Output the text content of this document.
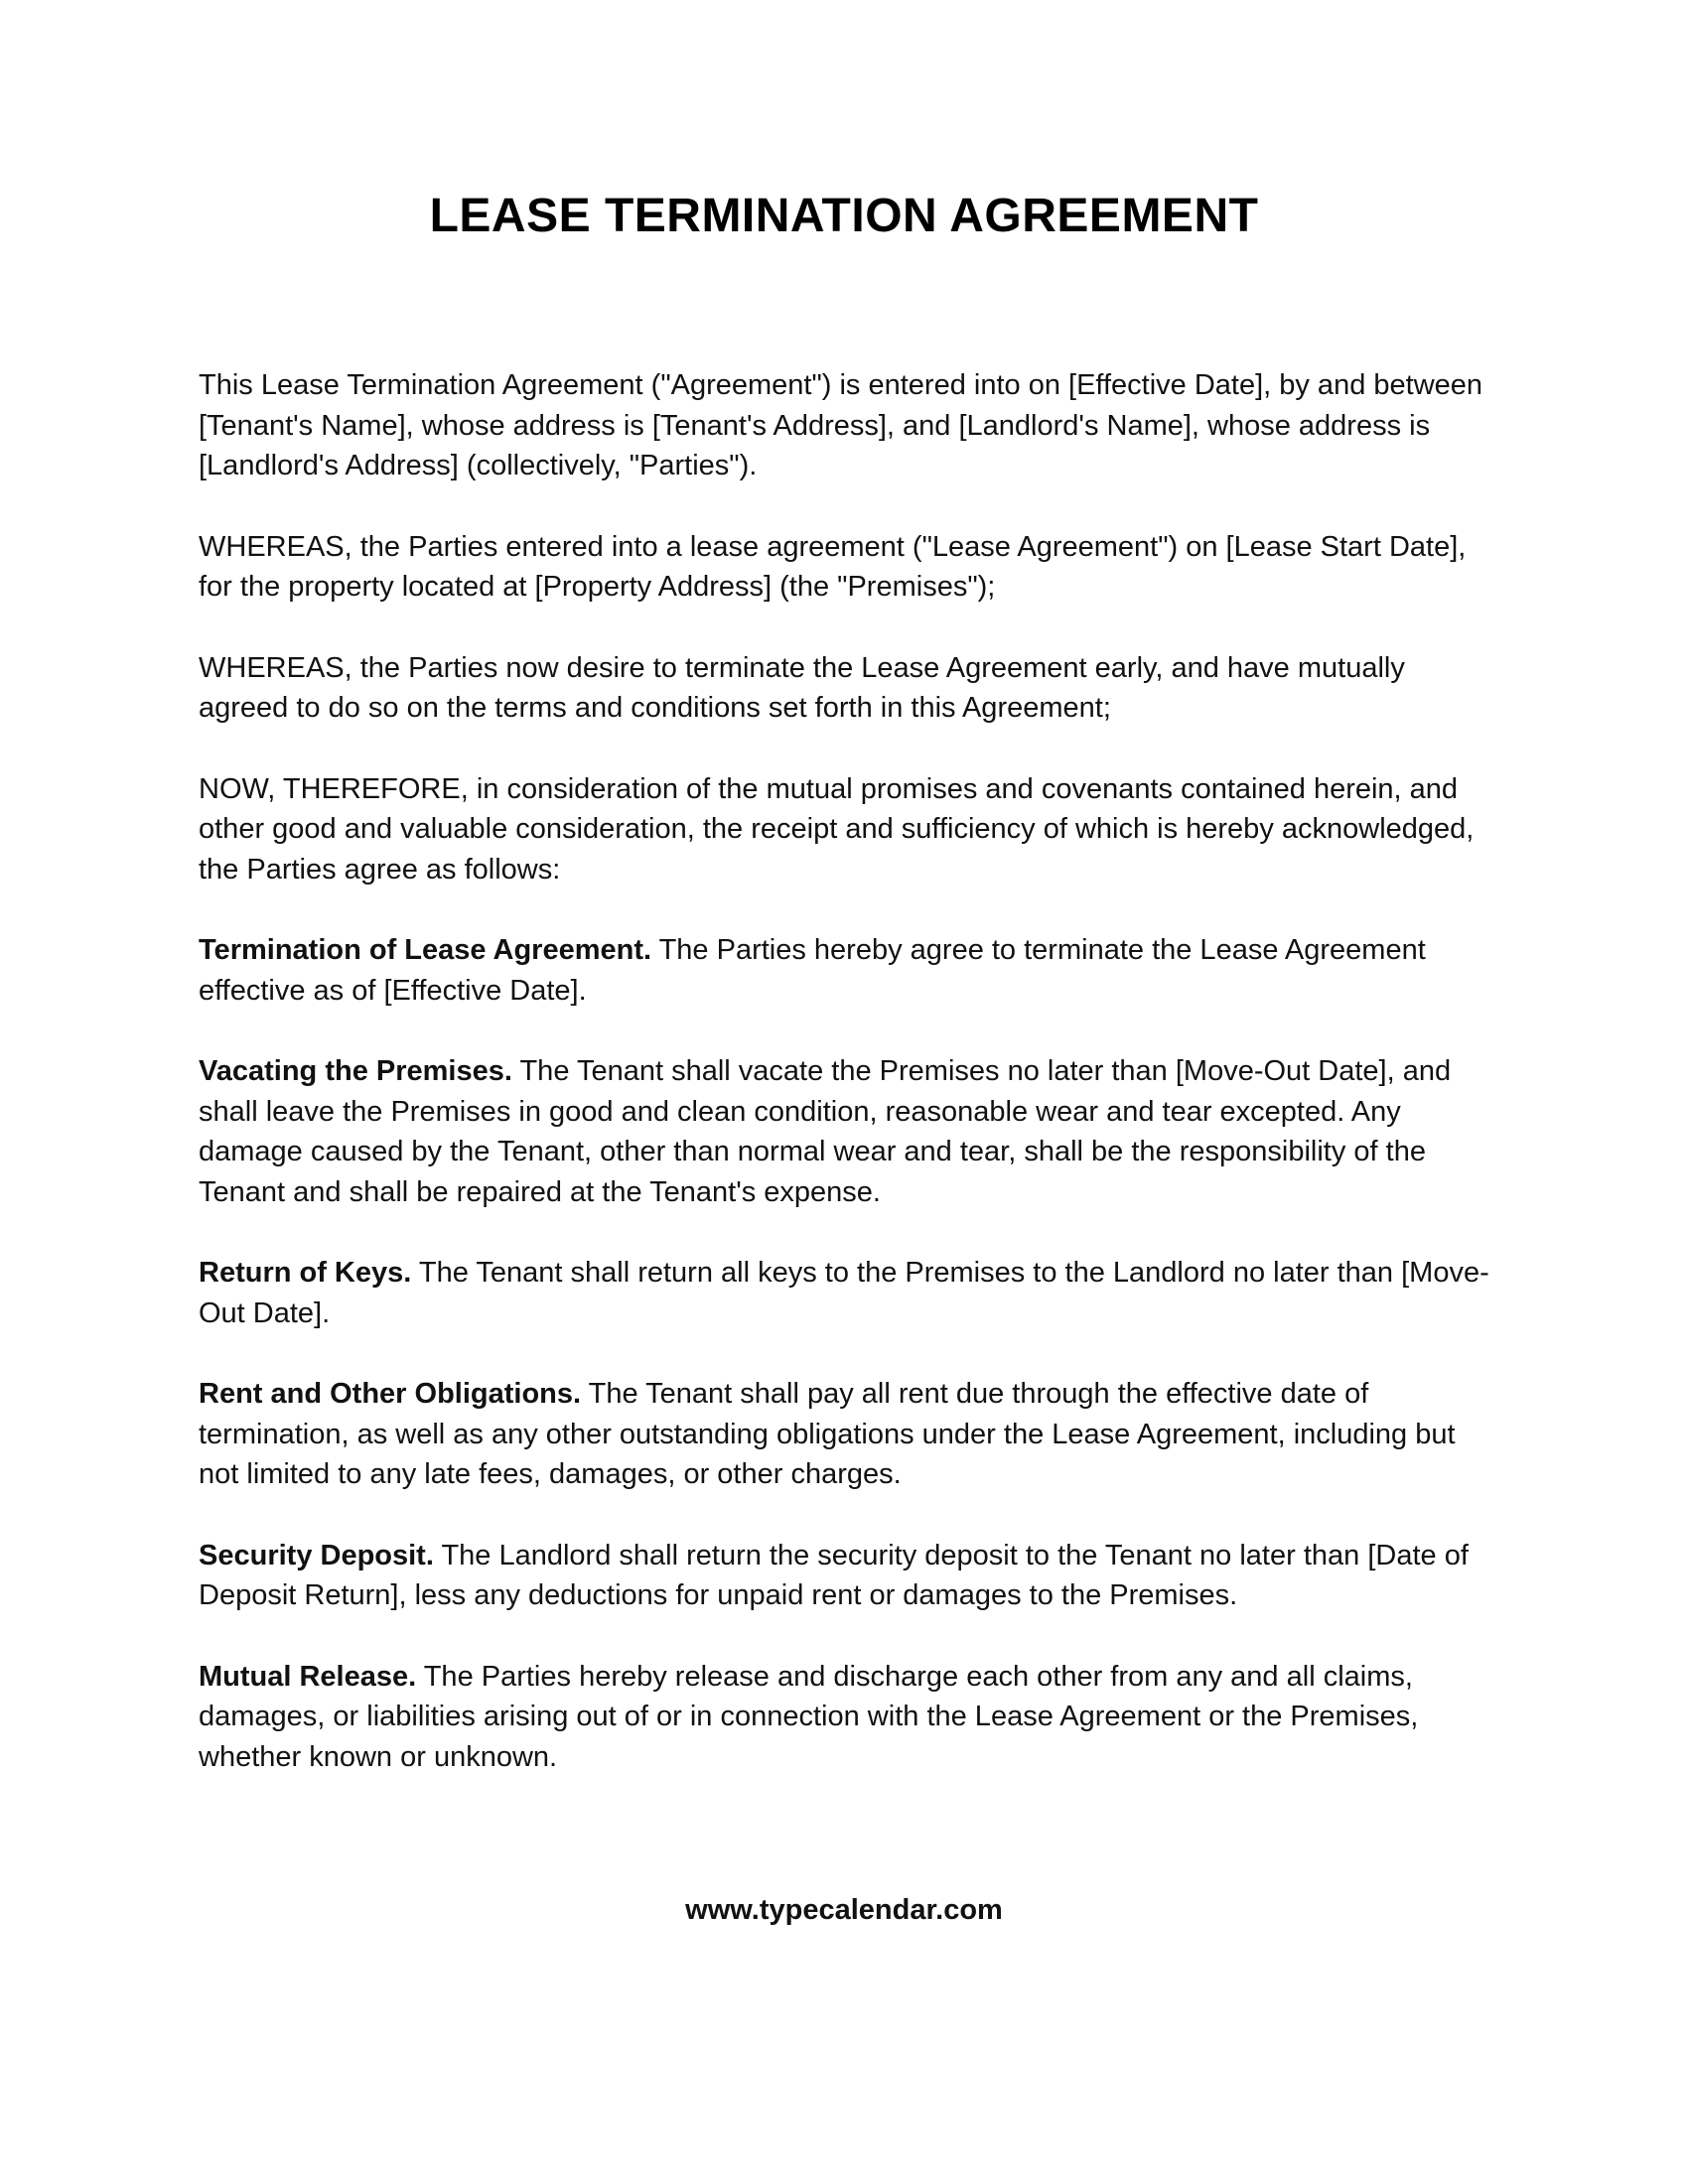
LEASE TERMINATION AGREEMENT

This Lease Termination Agreement ("Agreement") is entered into on [Effective Date], by and between [Tenant's Name], whose address is [Tenant's Address], and [Landlord's Name], whose address is [Landlord's Address] (collectively, "Parties").

WHEREAS, the Parties entered into a lease agreement ("Lease Agreement") on [Lease Start Date], for the property located at [Property Address] (the "Premises");

WHEREAS, the Parties now desire to terminate the Lease Agreement early, and have mutually agreed to do so on the terms and conditions set forth in this Agreement;

NOW, THEREFORE, in consideration of the mutual promises and covenants contained herein, and other good and valuable consideration, the receipt and sufficiency of which is hereby acknowledged, the Parties agree as follows:

Termination of Lease Agreement. The Parties hereby agree to terminate the Lease Agreement effective as of [Effective Date].

Vacating the Premises. The Tenant shall vacate the Premises no later than [Move-Out Date], and shall leave the Premises in good and clean condition, reasonable wear and tear excepted. Any damage caused by the Tenant, other than normal wear and tear, shall be the responsibility of the Tenant and shall be repaired at the Tenant's expense.

Return of Keys. The Tenant shall return all keys to the Premises to the Landlord no later than [Move-Out Date].

Rent and Other Obligations. The Tenant shall pay all rent due through the effective date of termination, as well as any other outstanding obligations under the Lease Agreement, including but not limited to any late fees, damages, or other charges.

Security Deposit. The Landlord shall return the security deposit to the Tenant no later than [Date of Deposit Return], less any deductions for unpaid rent or damages to the Premises.

Mutual Release. The Parties hereby release and discharge each other from any and all claims, damages, or liabilities arising out of or in connection with the Lease Agreement or the Premises, whether known or unknown.

www.typecalendar.com
